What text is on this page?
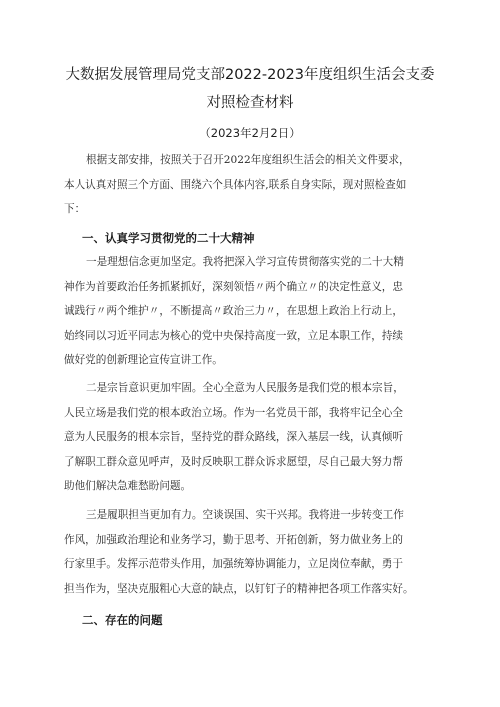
大数据发展管理局党支部2022-2023年度组织生活会支委
对照检查材料
（2023年2月2日）
根据支部安排，按照关于召开2022年度组织生活会的相关文件要求，
本人认真对照三个方面、围绕六个具体内容,联系自身实际，现对照检查如
下：
一、认真学习贯彻党的二十大精神
一是理想信念更加坚定。我将把深入学习宣传贯彻落实党的二十大精
神作为首要政治任务抓紧抓好，深刻领悟〃两个确立〃的决定性意义，忠
诚践行〃两个维护〃，不断提高〃政治三力〃，在思想上政治上行动上，
始终同以习近平同志为核心的党中央保持高度一致，立足本职工作，持续
做好党的创新理论宣传宣讲工作。
二是宗旨意识更加牢固。全心全意为人民服务是我们党的根本宗旨，
人民立场是我们党的根本政治立场。作为一名党员干部，我将牢记全心全
意为人民服务的根本宗旨，坚持党的群众路线，深入基层一线，认真倾听
了解职工群众意见呼声，及时反映职工群众诉求愿望，尽自己最大努力帮
助他们解决急难愁盼问题。
三是履职担当更加有力。空谈误国、实干兴邦。我将进一步转变工作
作风，加强政治理论和业务学习，勤于思考、开拓创新，努力做业务上的
行家里手。发挥示范带头作用，加强统筹协调能力，立足岗位奉献，勇于
担当作为，坚决克服粗心大意的缺点，以钉钉子的精神把各项工作落实好。
二、存在的问题
